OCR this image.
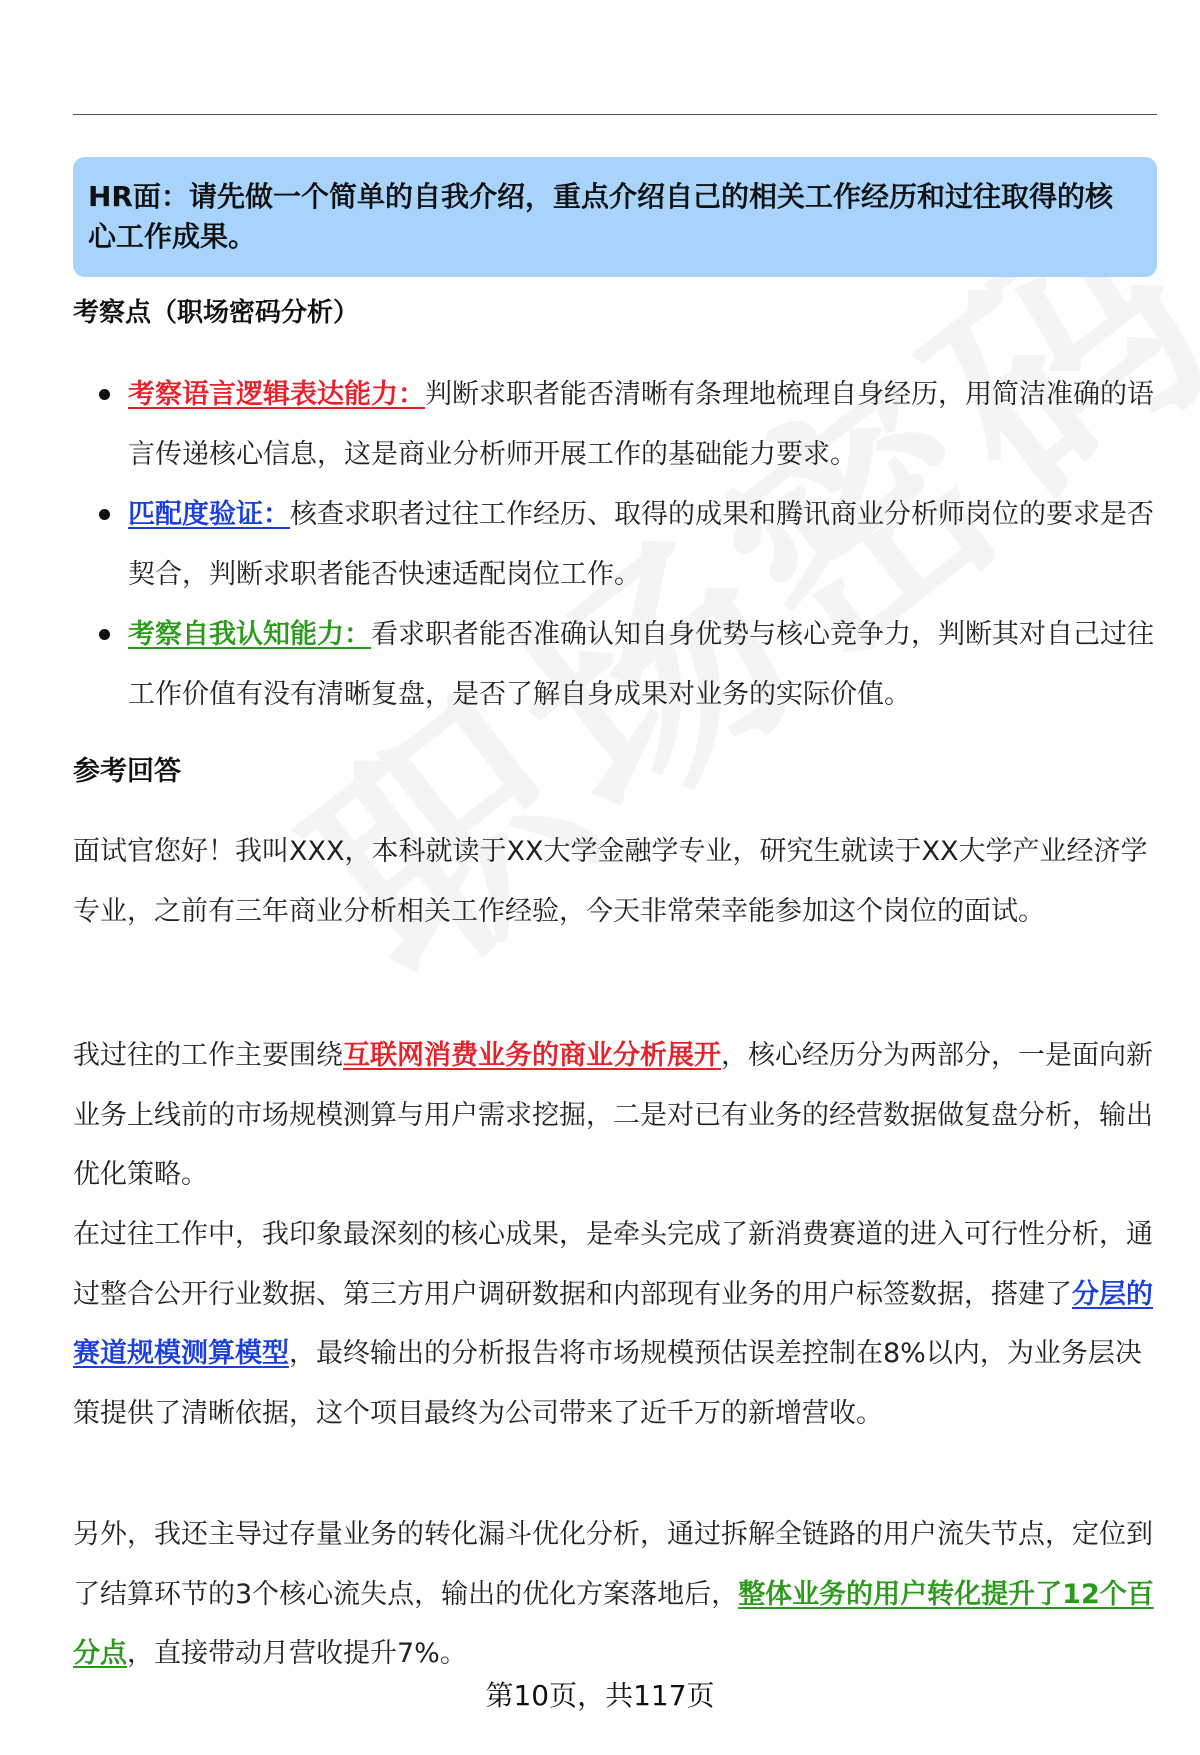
HR面：请先做一个简单的自我介绍，重点介绍自己的相关工作经历和过往取得的核心工作成果。
考察点（职场密码分析）
考察语言逻辑表达能力：判断求职者能否清晰有条理地梳理自身经历，用简洁准确的语言传递核心信息，这是商业分析师开展工作的基础能力要求。
匹配度验证：核查求职者过往工作经历、取得的成果和腾讯商业分析师岗位的要求是否契合，判断求职者能否快速适配岗位工作。
考察自我认知能力：看求职者能否准确认知自身优势与核心竞争力，判断其对自己过往工作价值有没有清晰复盘，是否了解自身成果对业务的实际价值。
参考回答

面试官您好！我叫XXX，本科就读于XX大学金融学专业，研究生就读于XX大学产业经济学专业，之前有三年商业分析相关工作经验，今天非常荣幸能参加这个岗位的面试。

我过往的工作主要围绕互联网消费业务的商业分析展开，核心经历分为两部分，一是面向新业务上线前的市场规模测算与用户需求挖掘，二是对已有业务的经营数据做复盘分析，输出优化策略。

在过往工作中，我印象最深刻的核心成果，是牵头完成了新消费赛道的进入可行性分析，通过整合公开行业数据、第三方用户调研数据和内部现有业务的用户标签数据，搭建了分层的赛道规模测算模型，最终输出的分析报告将市场规模预估误差控制在8%以内，为业务层决策提供了清晰依据，这个项目最终为公司带来了近千万的新增营收。

另外，我还主导过存量业务的转化漏斗优化分析，通过拆解全链路的用户流失节点，定位到了结算环节的3个核心流失点，输出的优化方案落地后，整体业务的用户转化提升了12个百分点，直接带动月营收提升7%。

第10页，共117页
